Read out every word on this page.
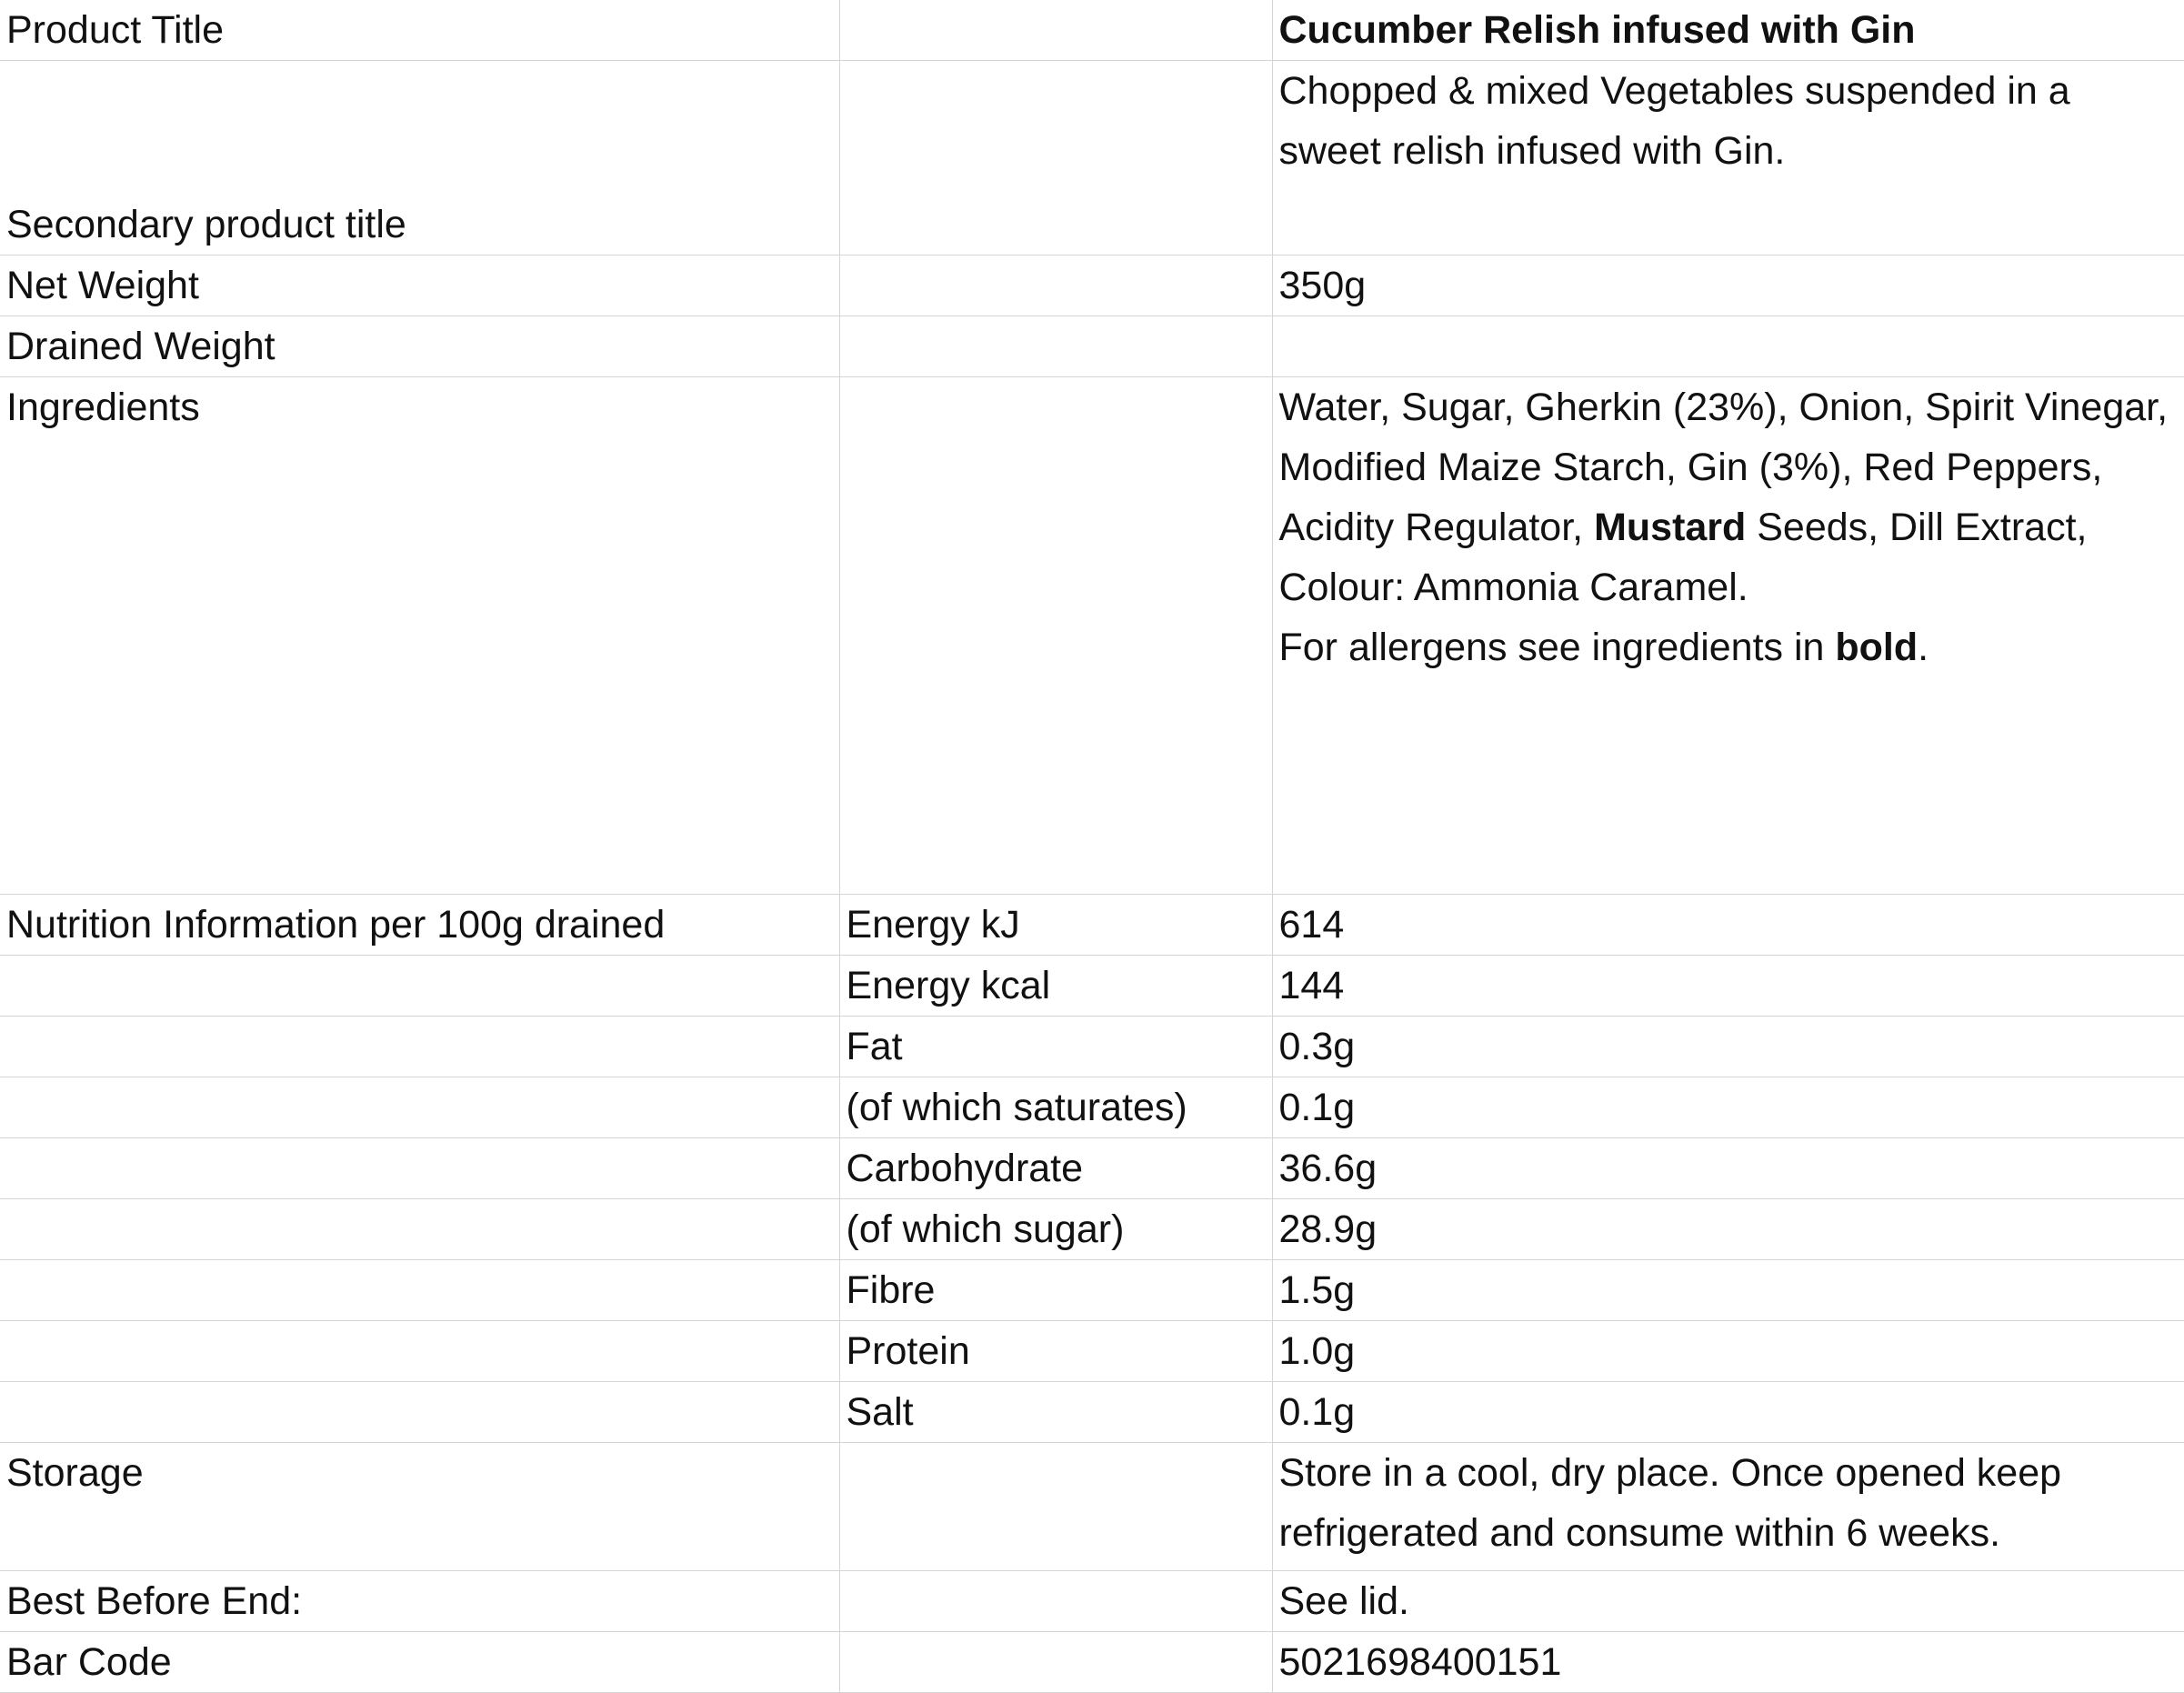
Product Title		Cucumber Relish infused with Gin
Secondary product title		Chopped & mixed Vegetables suspended in a
sweet relish infused with Gin.

Net Weight		350g
Drained Weight		
Ingredients		Water, Sugar, Gherkin (23%), Onion, Spirit Vinegar,
Modified Maize Starch, Gin (3%), Red Peppers,
Acidity Regulator, Mustard Seeds, Dill Extract,
Colour: Ammonia Caramel.
For allergens see ingredients in bold.

Nutrition Information per 100g drained	Energy kJ	614
	Energy kcal	144
	Fat	0.3g
	(of which saturates)	0.1g
	Carbohydrate	36.6g
	(of which sugar)	28.9g
	Fibre	1.5g
	Protein	1.0g
	Salt	0.1g
Storage		Store in a cool, dry place. Once opened keep
refrigerated and consume within 6 weeks.

Best Before End:		See lid.
Bar Code		5021698400151
